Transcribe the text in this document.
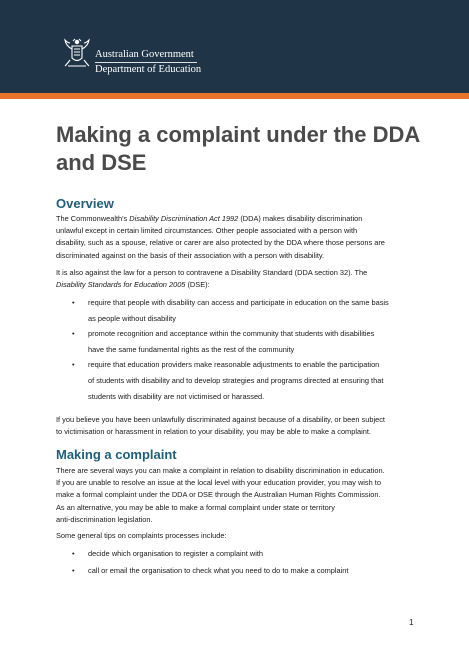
Australian Government
Department of Education
Making a complaint under the DDA
and DSE
Overview
The Commonwealth's Disability Discrimination Act 1992 (DDA) makes disability discrimination
unlawful except in certain limited circumstances. Other people associated with a person with
disability, such as a spouse, relative or carer are also protected by the DDA where those persons are
discriminated against on the basis of their association with a person with disability.
It is also against the law for a person to contravene a Disability Standard (DDA section 32). The
Disability Standards for Education 2005 (DSE):
• require that people with disability can access and participate in education on the same basis
as people without disability
• promote recognition and acceptance within the community that students with disabilities
have the same fundamental rights as the rest of the community
• require that education providers make reasonable adjustments to enable the participation
of students with disability and to develop strategies and programs directed at ensuring that
students with disability are not victimised or harassed.
If you believe you have been unlawfully discriminated against because of a disability, or been subject
to victimisation or harassment in relation to your disability, you may be able to make a complaint.
Making a complaint
There are several ways you can make a complaint in relation to disability discrimination in education.
If you are unable to resolve an issue at the local level with your education provider, you may wish to
make a formal complaint under the DDA or DSE through the Australian Human Rights Commission.
As an alternative, you may be able to make a formal complaint under state or territory
anti-discrimination legislation.
Some general tips on complaints processes include:
• decide which organisation to register a complaint with
• call or email the organisation to check what you need to do to make a complaint
1
